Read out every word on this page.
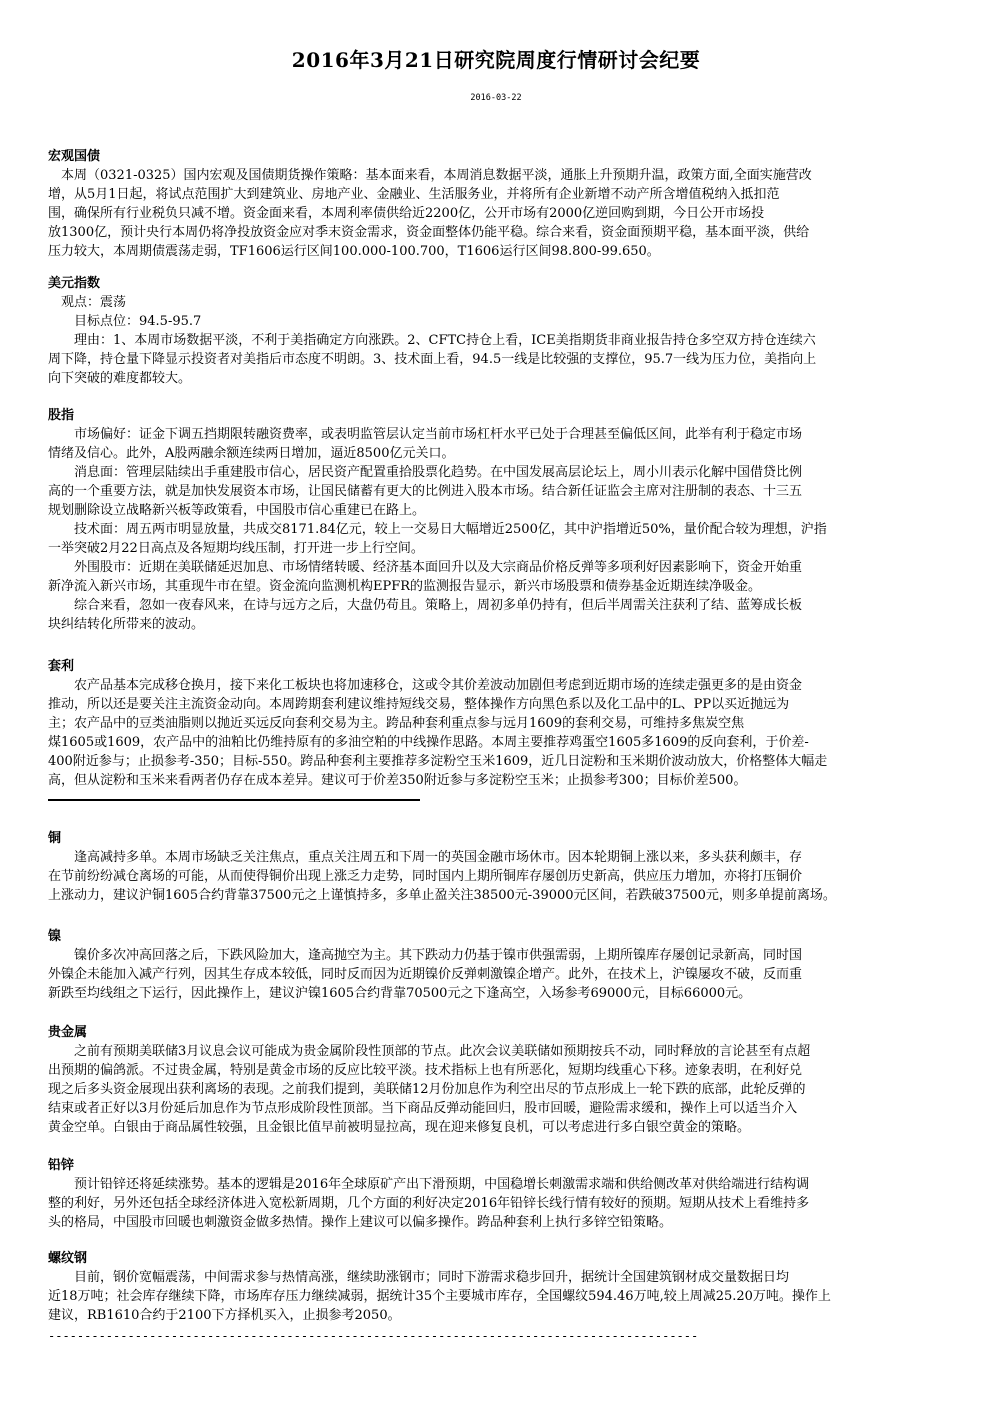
2016年3月21日研究院周度行情研讨会纪要
2016-03-22
宏观国债
　本周（0321-0325）国内宏观及国债期货操作策略：基本面来看，本周消息数据平淡，通胀上升预期升温，政策方面,全面实施营改
增，从5月1日起，将试点范围扩大到建筑业、房地产业、金融业、生活服务业，并将所有企业新增不动产所含增值税纳入抵扣范
围，确保所有行业税负只减不增。资金面来看，本周利率债供给近2200亿，公开市场有2000亿逆回购到期，今日公开市场投
放1300亿，预计央行本周仍将净投放资金应对季末资金需求，资金面整体仍能平稳。综合来看，资金面预期平稳，基本面平淡，供给
压力较大，本周期债震荡走弱，TF1606运行区间100.000-100.700，T1606运行区间98.800-99.650。
美元指数
　观点：震荡
　　目标点位：94.5-95.7
　　理由：1、本周市场数据平淡，不利于美指确定方向涨跌。2、CFTC持仓上看，ICE美指期货非商业报告持仓多空双方持仓连续六
周下降，持仓量下降显示投资者对美指后市态度不明朗。3、技术面上看，94.5一线是比较强的支撑位，95.7一线为压力位，美指向上
向下突破的难度都较大。
股指
　　市场偏好：证金下调五挡期限转融资费率，或表明监管层认定当前市场杠杆水平已处于合理甚至偏低区间，此举有利于稳定市场
情绪及信心。此外，A股两融余额连续两日增加，逼近8500亿元关口。
　　消息面：管理层陆续出手重建股市信心，居民资产配置重拾股票化趋势。在中国发展高层论坛上，周小川表示化解中国借贷比例
高的一个重要方法，就是加快发展资本市场，让国民储蓄有更大的比例进入股本市场。结合新任证监会主席对注册制的表态、十三五
规划删除设立战略新兴板等政策看，中国股市信心重建已在路上。
　　技术面：周五两市明显放量，共成交8171.84亿元，较上一交易日大幅增近2500亿，其中沪指增近50%，量价配合较为理想，沪指
一举突破2月22日高点及各短期均线压制，打开进一步上行空间。
　　外围股市：近期在美联储延迟加息、市场情绪转暖、经济基本面回升以及大宗商品价格反弹等多项利好因素影响下，资金开始重
新净流入新兴市场，其重现牛市在望。资金流向监测机构EPFR的监测报告显示，新兴市场股票和债券基金近期连续净吸金。
　　综合来看，忽如一夜春风来，在诗与远方之后，大盘仍苟且。策略上，周初多单仍持有，但后半周需关注获利了结、蓝筹成长板
块纠结转化所带来的波动。
套利
　　农产品基本完成移仓换月，接下来化工板块也将加速移仓，这或令其价差波动加剧但考虑到近期市场的连续走强更多的是由资金
推动，所以还是要关注主流资金动向。本周跨期套利建议维持短线交易，整体操作方向黑色系以及化工品中的L、PP以买近抛远为
主；农产品中的豆类油脂则以抛近买远反向套利交易为主。跨品种套利重点参与远月1609的套利交易，可维持多焦炭空焦
煤1605或1609，农产品中的油粕比仍维持原有的多油空粕的中线操作思路。本周主要推荐鸡蛋空1605多1609的反向套利，于价差-
400附近参与；止损参考-350；目标-550。跨品种套利主要推荐多淀粉空玉米1609，近几日淀粉和玉米期价波动放大，价格整体大幅走
高，但从淀粉和玉米来看两者仍存在成本差异。建议可于价差350附近参与多淀粉空玉米；止损参考300；目标价差500。
铜
　　逢高减持多单。本周市场缺乏关注焦点，重点关注周五和下周一的英国金融市场休市。因本轮期铜上涨以来，多头获利颇丰，存
在节前纷纷减仓离场的可能，从而使得铜价出现上涨乏力走势，同时国内上期所铜库存屡创历史新高，供应压力增加，亦将打压铜价
上涨动力，建议沪铜1605合约背靠37500元之上谨慎持多，多单止盈关注38500元-39000元区间，若跌破37500元，则多单提前离场。
镍
　　镍价多次冲高回落之后，下跌风险加大，逢高抛空为主。其下跌动力仍基于镍市供强需弱，上期所镍库存屡创记录新高，同时国
外镍企未能加入减产行列，因其生存成本较低，同时反而因为近期镍价反弹刺激镍企增产。此外，在技术上，沪镍屡攻不破，反而重
新跌至均线组之下运行，因此操作上，建议沪镍1605合约背靠70500元之下逢高空，入场参考69000元，目标66000元。
贵金属
　　之前有预期美联储3月议息会议可能成为贵金属阶段性顶部的节点。此次会议美联储如预期按兵不动，同时释放的言论甚至有点超
出预期的偏鸽派。不过贵金属，特别是黄金市场的反应比较平淡。技术指标上也有所恶化，短期均线重心下移。迹象表明，在利好兑
现之后多头资金展现出获利离场的表现。之前我们提到，美联储12月份加息作为利空出尽的节点形成上一轮下跌的底部，此轮反弹的
结束或者正好以3月份延后加息作为节点形成阶段性顶部。当下商品反弹动能回归，股市回暖，避险需求缓和，操作上可以适当介入
黄金空单。白银由于商品属性较强，且金银比值早前被明显拉高，现在迎来修复良机，可以考虑进行多白银空黄金的策略。
铅锌
　　预计铅锌还将延续涨势。基本的逻辑是2016年全球原矿产出下滑预期，中国稳增长刺激需求端和供给侧改革对供给端进行结构调
整的利好，另外还包括全球经济体进入宽松新周期，几个方面的利好决定2016年铅锌长线行情有较好的预期。短期从技术上看维持多
头的格局，中国股市回暖也刺激资金做多热情。操作上建议可以偏多操作。跨品种套利上执行多锌空铅策略。
螺纹钢
　　目前，钢价宽幅震荡，中间需求参与热情高涨，继续助涨钢市；同时下游需求稳步回升，据统计全国建筑钢材成交量数据日均
近18万吨；社会库存继续下降，市场库存压力继续减弱，据统计35个主要城市库存，全国螺纹594.46万吨,较上周减25.20万吨。操作上
建议，RB1610合约于2100下方择机买入，止损参考2050。
------------------------------------------------------------------------------------------
